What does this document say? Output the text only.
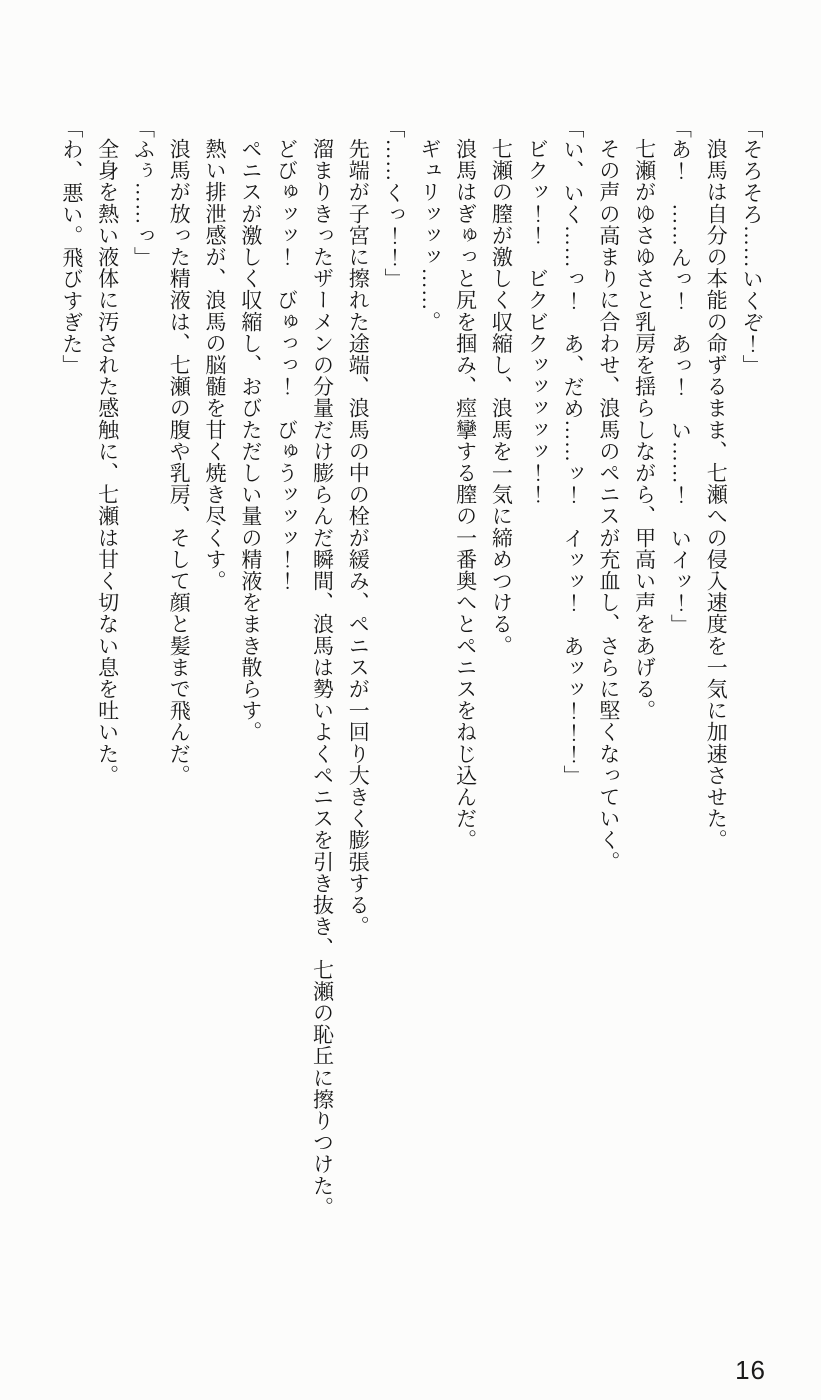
「そろそろ……いくぞ！」

浪馬は自分の本能の命ずるまま、七瀬への侵入速度を一気に加速させた。

「あ！　……んっ！　あっ！　い……！　いイッ！」

七瀬がゆさゆさと乳房を揺らしながら、甲高い声をあげる。

その声の高まりに合わせ、浪馬のペニスが充血し、さらに堅くなっていく。

「い、いく……っ！　あ、だめ……ッ！　イッッ！　あッッ！！！」

ビクッ！！　ビクビクッッッッッ！！

七瀬の膣が激しく収縮し、浪馬を一気に締めつける。

浪馬はぎゅっと尻を掴み、痙攣する膣の一番奥へとペニスをねじ込んだ。

ギュリッッッ……。

「……くっ！！」

先端が子宮に擦れた途端、浪馬の中の栓が緩み、ペニスが一回り大きく膨張する。

溜まりきったザーメンの分量だけ膨らんだ瞬間、浪馬は勢いよくペニスを引き抜き、七瀬の恥丘に擦りつけた。

どびゅッッ！　びゅっっ！　びゅうッッッ！！

ペニスが激しく収縮し、おびただしい量の精液をまき散らす。

熱い排泄感が、浪馬の脳髄を甘く焼き尽くす。

浪馬が放った精液は、七瀬の腹や乳房、そして顔と髪まで飛んだ。

「ふぅ……っ」

全身を熱い液体に汚された感触に、七瀬は甘く切ない息を吐いた。

「わ、悪い。飛びすぎた」

16
